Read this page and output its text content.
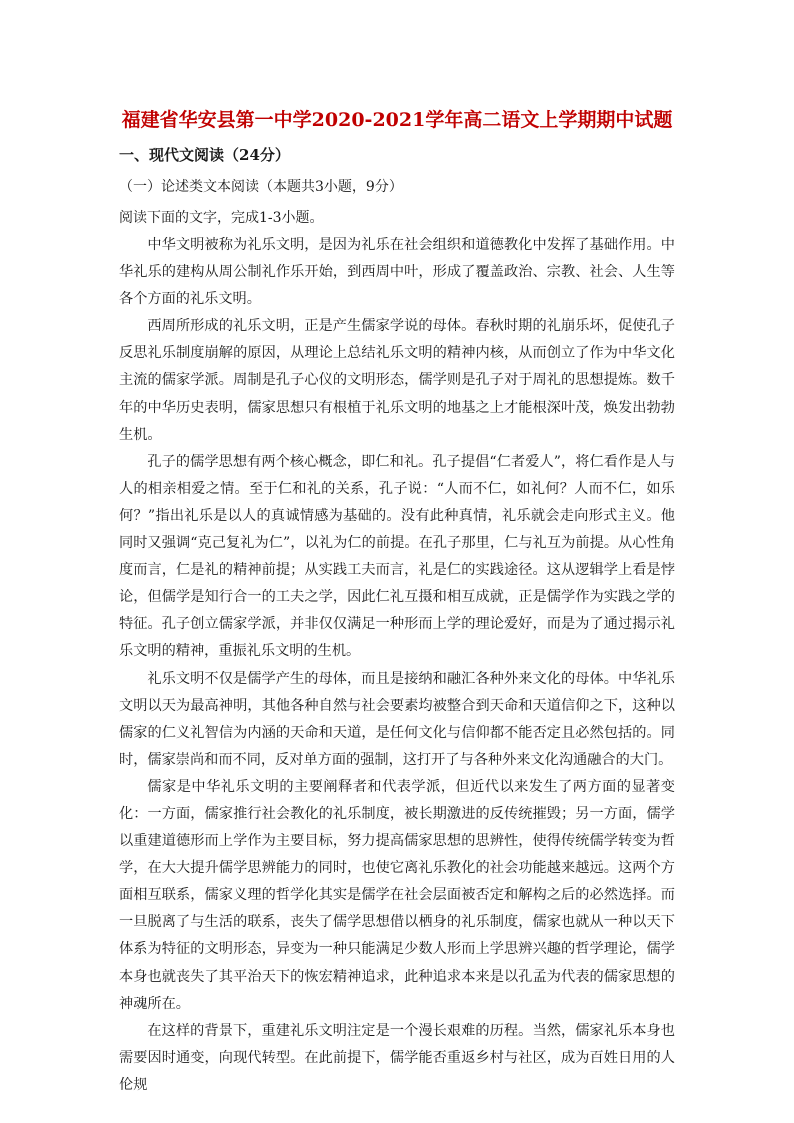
福建省华安县第一中学2020-2021学年高二语文上学期期中试题
一、现代文阅读（24分）
（一）论述类文本阅读（本题共3小题，9分）
阅读下面的文字，完成1-3小题。

中华文明被称为礼乐文明，是因为礼乐在社会组织和道德教化中发挥了基础作用。中华礼乐的建构从周公制礼作乐开始，到西周中叶，形成了覆盖政治、宗教、社会、人生等各个方面的礼乐文明。

西周所形成的礼乐文明，正是产生儒家学说的母体。春秋时期的礼崩乐坏，促使孔子反思礼乐制度崩解的原因，从理论上总结礼乐文明的精神内核，从而创立了作为中华文化主流的儒家学派。周制是孔子心仪的文明形态，儒学则是孔子对于周礼的思想提炼。数千年的中华历史表明，儒家思想只有根植于礼乐文明的地基之上才能根深叶茂，焕发出勃勃生机。

孔子的儒学思想有两个核心概念，即仁和礼。孔子提倡“仁者爱人”，将仁看作是人与人的相亲相爱之情。至于仁和礼的关系，孔子说：“人而不仁，如礼何？人而不仁，如乐何？”指出礼乐是以人的真诚情感为基础的。没有此种真情，礼乐就会走向形式主义。他同时又强调“克己复礼为仁”，以礼为仁的前提。在孔子那里，仁与礼互为前提。从心性角度而言，仁是礼的精神前提；从实践工夫而言，礼是仁的实践途径。这从逻辑学上看是悖论，但儒学是知行合一的工夫之学，因此仁礼互摄和相互成就，正是儒学作为实践之学的特征。孔子创立儒家学派，并非仅仅满足一种形而上学的理论爱好，而是为了通过揭示礼乐文明的精神，重振礼乐文明的生机。

礼乐文明不仅是儒学产生的母体，而且是接纳和融汇各种外来文化的母体。中华礼乐文明以天为最高神明，其他各种自然与社会要素均被整合到天命和天道信仰之下，这种以儒家的仁义礼智信为内涵的天命和天道，是任何文化与信仰都不能否定且必然包括的。同时，儒家崇尚和而不同，反对单方面的强制，这打开了与各种外来文化沟通融合的大门。

儒家是中华礼乐文明的主要阐释者和代表学派，但近代以来发生了两方面的显著变化：一方面，儒家推行社会教化的礼乐制度，被长期激进的反传统摧毁；另一方面，儒学以重建道德形而上学作为主要目标，努力提高儒家思想的思辨性，使得传统儒学转变为哲学，在大大提升儒学思辨能力的同时，也使它离礼乐教化的社会功能越来越远。这两个方面相互联系，儒家义理的哲学化其实是儒学在社会层面被否定和解构之后的必然选择。而一旦脱离了与生活的联系，丧失了儒学思想借以栖身的礼乐制度，儒家也就从一种以天下体系为特征的文明形态，异变为一种只能满足少数人形而上学思辨兴趣的哲学理论，儒学本身也就丧失了其平治天下的恢宏精神追求，此种追求本来是以孔孟为代表的儒家思想的神魂所在。

在这样的背景下，重建礼乐文明注定是一个漫长艰难的历程。当然，儒家礼乐本身也需要因时通变，向现代转型。在此前提下，儒学能否重返乡村与社区，成为百姓日用的人伦规
